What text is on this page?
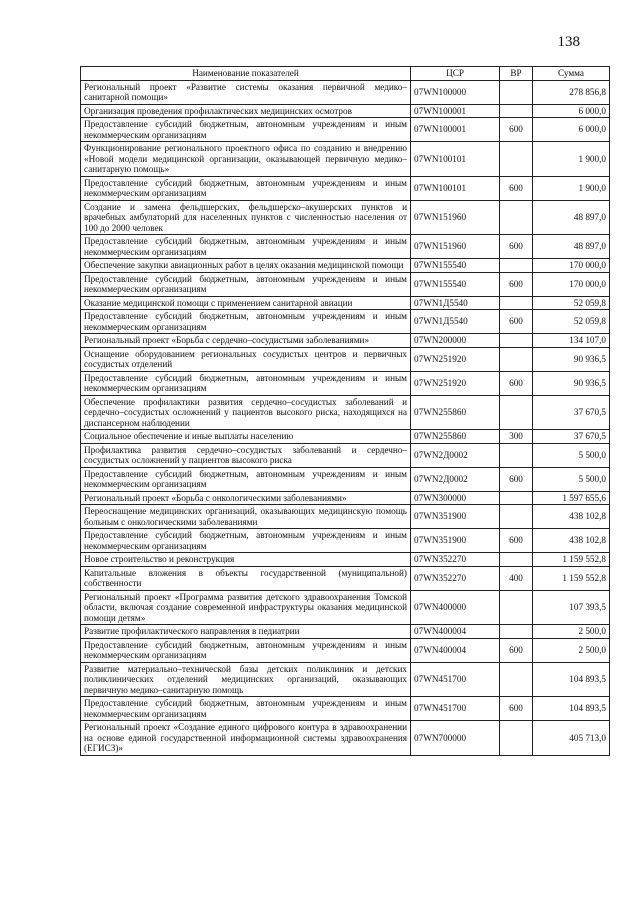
138
Наименование показателей	ЦСР	ВР	Сумма
Региональный проект «Развитие системы оказания первичной медико–санитарной помощи»	07WN100000		278 856,8
Организация проведения профилактических медицинских осмотров	07WN100001		6 000,0
Предоставление субсидий бюджетным, автономным учреждениям и иным некоммерческим организациям	07WN100001	600	6 000,0
Функционирование регионального проектного офиса по созданию и внедрению «Новой модели медицинской организации, оказывающей первичную медико–санитарную помощь»	07WN100101		1 900,0
Предоставление субсидий бюджетным, автономным учреждениям и иным некоммерческим организациям	07WN100101	600	1 900,0
Создание и замена фельдшерских, фельдшерско–акушерских пунктов и врачебных амбулаторий для населенных пунктов с численностью населения от 100 до 2000 человек	07WN151960		48 897,0
Предоставление субсидий бюджетным, автономным учреждениям и иным некоммерческим организациям	07WN151960	600	48 897,0
Обеспечение закупки авиационных работ в целях оказания медицинской помощи	07WN155540		170 000,0
Предоставление субсидий бюджетным, автономным учреждениям и иным некоммерческим организациям	07WN155540	600	170 000,0
Оказание медицинской помощи с применением санитарной авиации	07WN1Д5540		52 059,8
Предоставление субсидий бюджетным, автономным учреждениям и иным некоммерческим организациям	07WN1Д5540	600	52 059,8
Региональный проект «Борьба с сердечно–сосудистыми заболеваниями»	07WN200000		134 107,0
Оснащение оборудованием региональных сосудистых центров и первичных сосудистых отделений	07WN251920		90 936,5
Предоставление субсидий бюджетным, автономным учреждениям и иным некоммерческим организациям	07WN251920	600	90 936,5
Обеспечение профилактики развития сердечно–сосудистых заболеваний и сердечно–сосудистых осложнений у пациентов высокого риска, находящихся на диспансерном наблюдении	07WN255860		37 670,5
Социальное обеспечение и иные выплаты населению	07WN255860	300	37 670,5
Профилактика развития сердечно–сосудистых заболеваний и сердечно–сосудистых осложнений у пациентов высокого риска	07WN2Д0002		5 500,0
Предоставление субсидий бюджетным, автономным учреждениям и иным некоммерческим организациям	07WN2Д0002	600	5 500,0
Региональный проект «Борьба с онкологическими заболеваниями»	07WN300000		1 597 655,6
Переоснащение медицинских организаций, оказывающих медицинскую помощь больным с онкологическими заболеваниями	07WN351900		438 102,8
Предоставление субсидий бюджетным, автономным учреждениям и иным некоммерческим организациям	07WN351900	600	438 102,8
Новое строительство и реконструкция	07WN352270		1 159 552,8
Капитальные вложения в объекты государственной (муниципальной) собственности	07WN352270	400	1 159 552,8
Региональный проект «Программа развития детского здравоохранения Томской области, включая создание современной инфраструктуры оказания медицинской помощи детям»	07WN400000		107 393,5
Развитие профилактического направления в педиатрии	07WN400004		2 500,0
Предоставление субсидий бюджетным, автономным учреждениям и иным некоммерческим организациям	07WN400004	600	2 500,0
Развитие материально–технической базы детских поликлиник и детских поликлинических отделений медицинских организаций, оказывающих первичную медико–санитарную помощь	07WN451700		104 893,5
Предоставление субсидий бюджетным, автономным учреждениям и иным некоммерческим организациям	07WN451700	600	104 893,5
Региональный проект «Создание единого цифрового контура в здравоохранении на основе единой государственной информационной системы здравоохранения (ЕГИСЗ)»	07WN700000		405 713,0
